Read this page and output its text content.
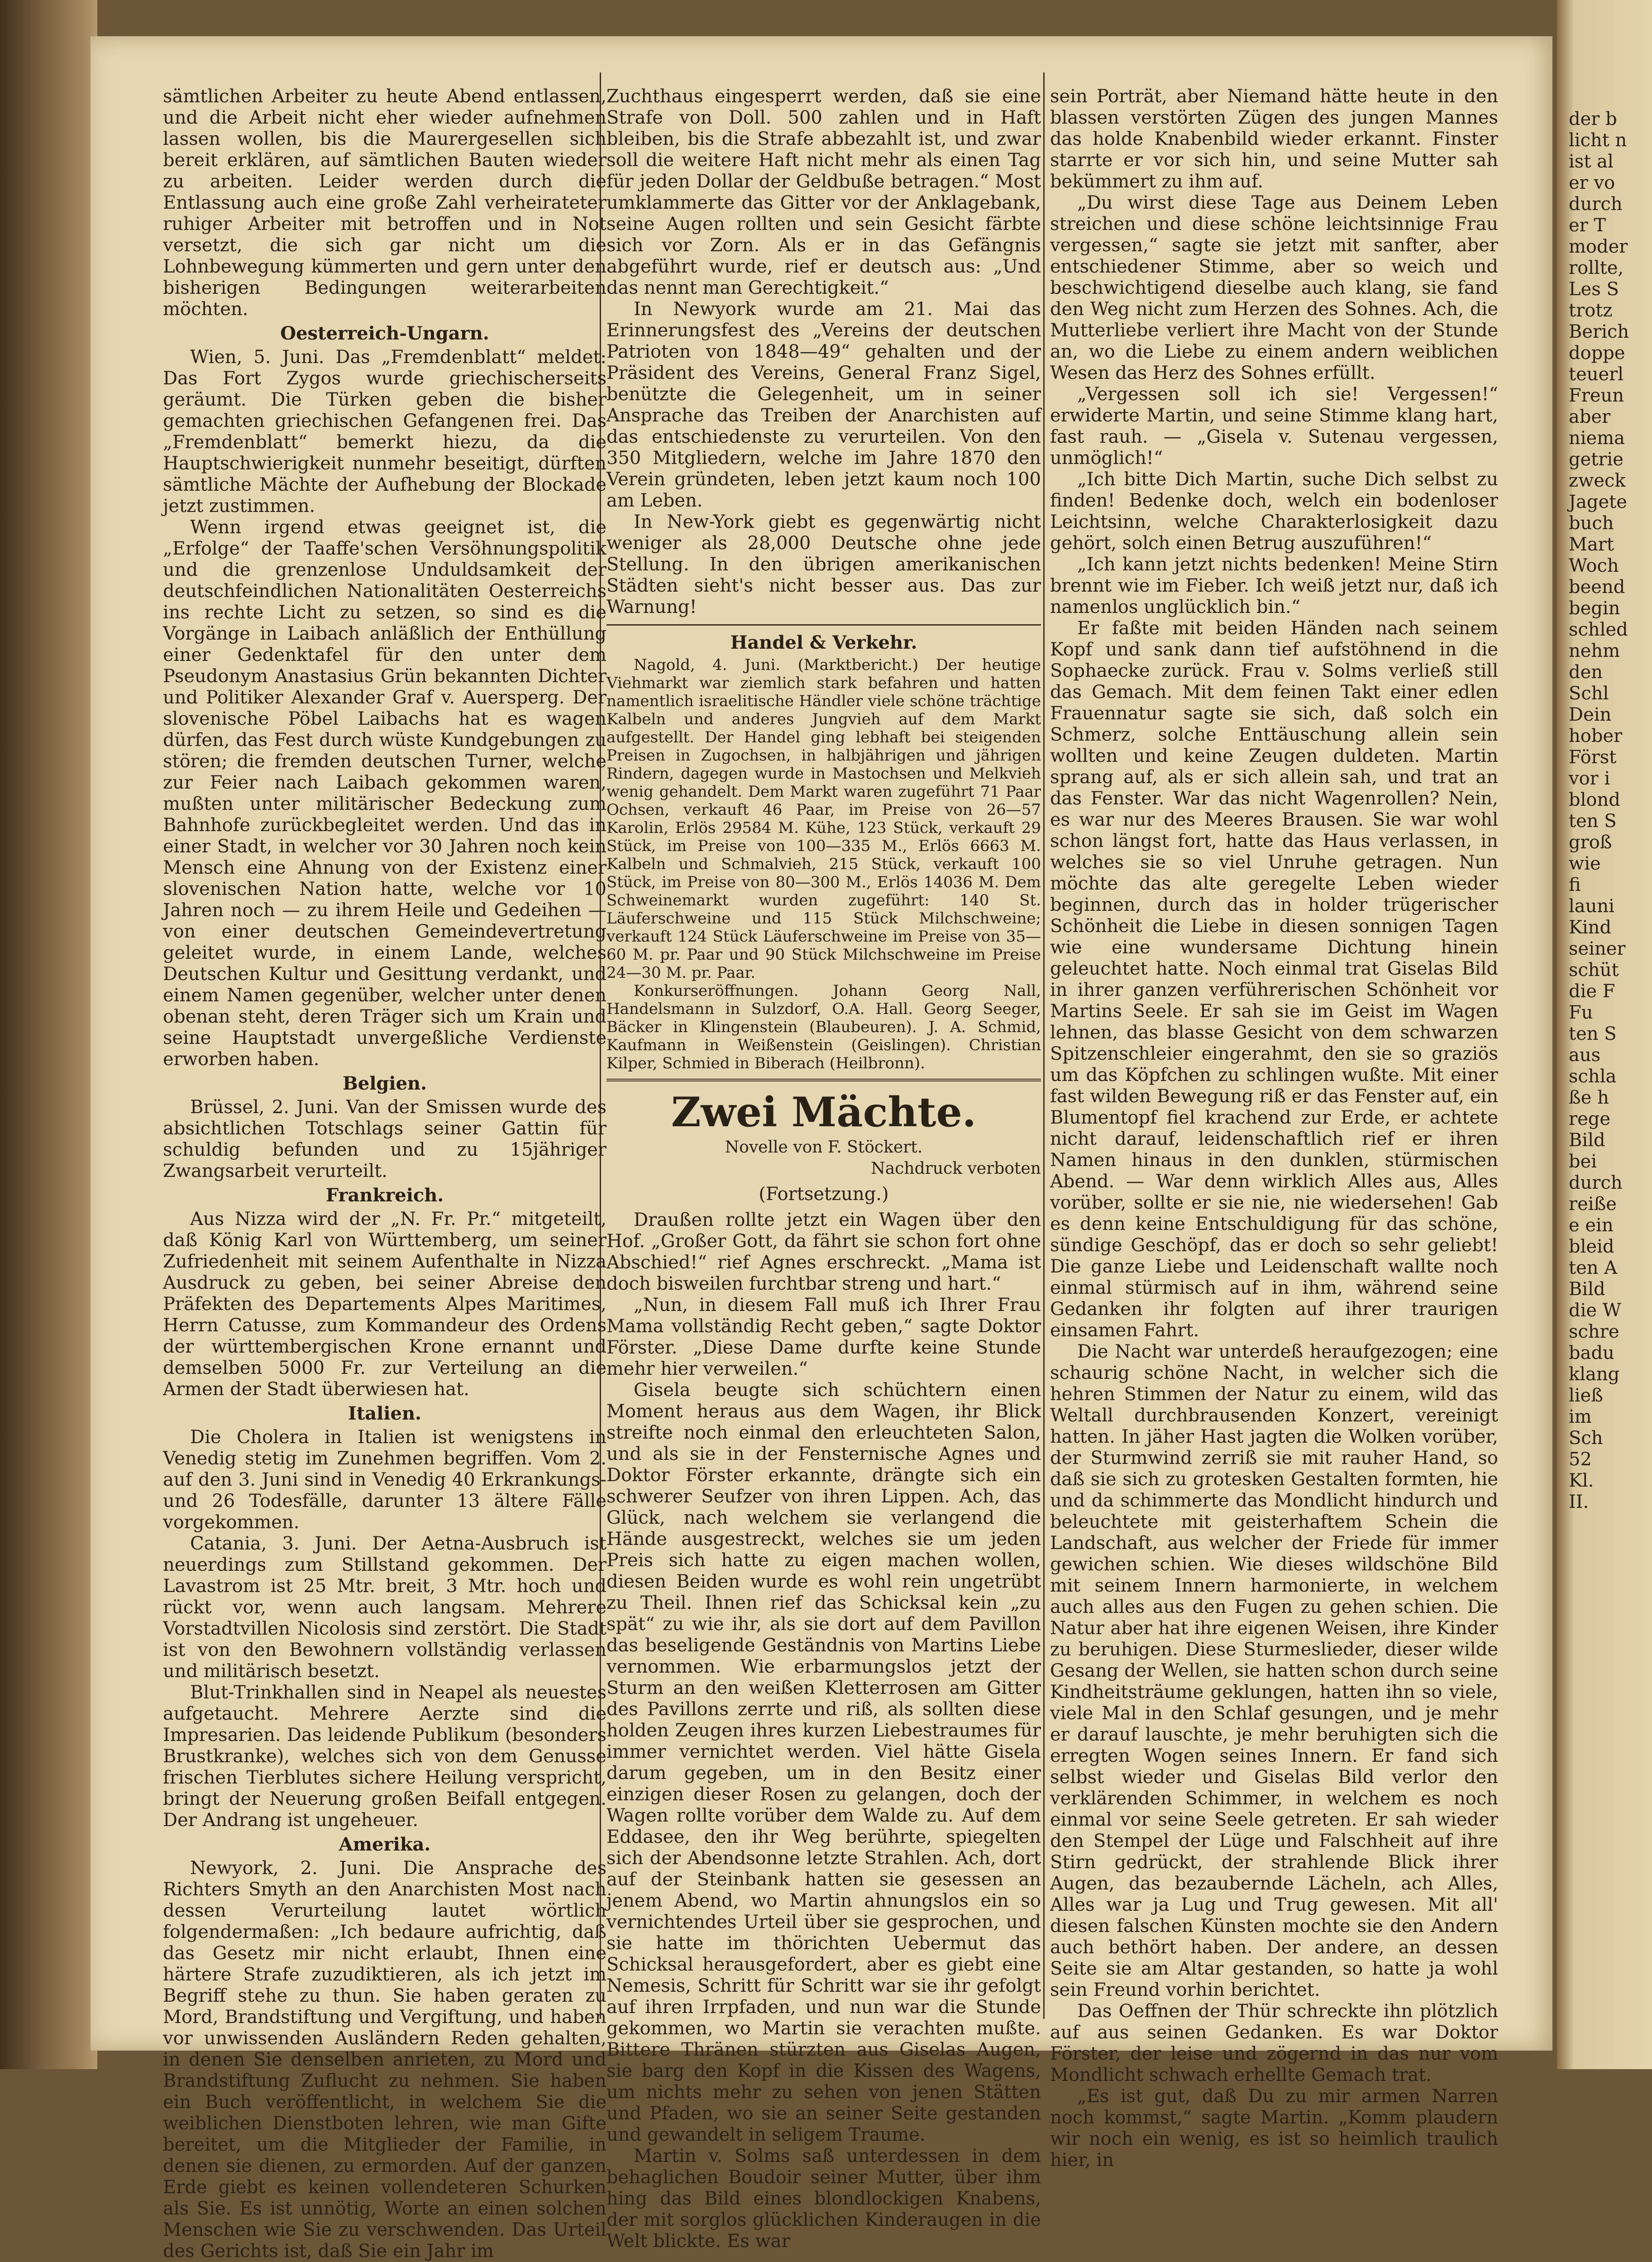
sämtlichen Arbeiter zu heute Abend entlassen, und die Arbeit nicht eher wieder aufnehmen lassen wollen, bis die Maurergesellen sich bereit erklären, auf sämtlichen Bauten wieder zu arbeiten. Leider werden durch die Entlassung auch eine große Zahl verheirateter ruhiger Arbeiter mit betroffen und in Not versetzt, die sich gar nicht um die Lohnbewegung kümmerten und gern unter den bisherigen Bedingungen weiterarbeiten möchten.

Oesterreich-Ungarn.

Wien, 5. Juni. Das „Fremdenblatt“ meldet: Das Fort Zygos wurde griechischerseits geräumt. Die Türken geben die bisher gemachten griechischen Gefangenen frei. Das „Fremdenblatt“ bemerkt hiezu, da die Hauptschwierigkeit nunmehr beseitigt, dürften sämtliche Mächte der Aufhebung der Blockade jetzt zustimmen.

Wenn irgend etwas geeignet ist, die „Erfolge“ der Taaffe'schen Versöhnungspolitik und die grenzenlose Unduldsamkeit der deutschfeindlichen Nationalitäten Oesterreichs ins rechte Licht zu setzen, so sind es die Vorgänge in Laibach anläßlich der Enthüllung einer Gedenktafel für den unter dem Pseudonym Anastasius Grün bekannten Dichter und Politiker Alexander Graf v. Auersperg. Der slovenische Pöbel Laibachs hat es wagen dürfen, das Fest durch wüste Kundgebungen zu stören; die fremden deutschen Turner, welche zur Feier nach Laibach gekommen waren, mußten unter militärischer Bedeckung zum Bahnhofe zurückbegleitet werden. Und das in einer Stadt, in welcher vor 30 Jahren noch kein Mensch eine Ahnung von der Existenz einer slovenischen Nation hatte, welche vor 10 Jahren noch — zu ihrem Heile und Gedeihen — von einer deutschen Gemeindevertretung geleitet wurde, in einem Lande, welches Deutschen Kultur und Gesittung verdankt, und einem Namen gegenüber, welcher unter denen obenan steht, deren Träger sich um Krain und seine Hauptstadt unvergeßliche Verdienste erworben haben.

Belgien.

Brüssel, 2. Juni. Van der Smissen wurde des absichtlichen Totschlags seiner Gattin für schuldig befunden und zu 15jähriger Zwangsarbeit verurteilt.

Frankreich.

Aus Nizza wird der „N. Fr. Pr.“ mitgeteilt, daß König Karl von Württemberg, um seiner Zufriedenheit mit seinem Aufenthalte in Nizza Ausdruck zu geben, bei seiner Abreise den Präfekten des Departements Alpes Maritimes, Herrn Catusse, zum Kommandeur des Ordens der württembergischen Krone ernannt und demselben 5000 Fr. zur Verteilung an die Armen der Stadt überwiesen hat.

Italien.

Die Cholera in Italien ist wenigstens in Venedig stetig im Zunehmen begriffen. Vom 2. auf den 3. Juni sind in Venedig 40 Erkrankungs- und 26 Todesfälle, darunter 13 ältere Fälle vorgekommen.

Catania, 3. Juni. Der Aetna-Ausbruch ist neuerdings zum Stillstand gekommen. Der Lavastrom ist 25 Mtr. breit, 3 Mtr. hoch und rückt vor, wenn auch langsam. Mehrere Vorstadtvillen Nicolosis sind zerstört. Die Stadt ist von den Bewohnern vollständig verlassen und militärisch besetzt.

Blut-Trinkhallen sind in Neapel als neuestes aufgetaucht. Mehrere Aerzte sind die Impresarien. Das leidende Publikum (besonders Brustkranke), welches sich von dem Genusse frischen Tierblutes sichere Heilung verspricht, bringt der Neuerung großen Beifall entgegen. Der Andrang ist ungeheuer.

Amerika.

Newyork, 2. Juni. Die Ansprache des Richters Smyth an den Anarchisten Most nach dessen Verurteilung lautet wörtlich folgendermaßen: „Ich bedaure aufrichtig, daß das Gesetz mir nicht erlaubt, Ihnen eine härtere Strafe zuzudiktieren, als ich jetzt im Begriff stehe zu thun. Sie haben geraten zu Mord, Brandstiftung und Vergiftung, und haben vor unwissenden Ausländern Reden gehalten, in denen Sie denselben anrieten, zu Mord und Brandstiftung Zuflucht zu nehmen. Sie haben ein Buch veröffentlicht, in welchem Sie die weiblichen Dienstboten lehren, wie man Gifte bereitet, um die Mitglieder der Familie, in denen sie dienen, zu ermorden. Auf der ganzen Erde giebt es keinen vollendeteren Schurken als Sie. Es ist unnötig, Worte an einen solchen Menschen wie Sie zu verschwenden. Das Urteil des Gerichts ist, daß Sie ein Jahr im

Zuchthaus eingesperrt werden, daß sie eine Strafe von Doll. 500 zahlen und in Haft bleiben, bis die Strafe abbezahlt ist, und zwar soll die weitere Haft nicht mehr als einen Tag für jeden Dollar der Geldbuße betragen.“ Most umklammerte das Gitter vor der Anklagebank, seine Augen rollten und sein Gesicht färbte sich vor Zorn. Als er in das Gefängnis abgeführt wurde, rief er deutsch aus: „Und das nennt man Gerechtigkeit.“

In Newyork wurde am 21. Mai das Erinnerungsfest des „Vereins der deutschen Patrioten von 1848—49“ gehalten und der Präsident des Vereins, General Franz Sigel, benützte die Gelegenheit, um in seiner Ansprache das Treiben der Anarchisten auf das entschiedenste zu verurteilen. Von den 350 Mitgliedern, welche im Jahre 1870 den Verein gründeten, leben jetzt kaum noch 100 am Leben.

In New-York giebt es gegenwärtig nicht weniger als 28,000 Deutsche ohne jede Stellung. In den übrigen amerikanischen Städten sieht's nicht besser aus. Das zur Warnung!

Handel & Verkehr.

Nagold, 4. Juni. (Marktbericht.) Der heutige Viehmarkt war ziemlich stark befahren und hatten namentlich israelitische Händler viele schöne trächtige Kalbeln und anderes Jungvieh auf dem Markt aufgestellt. Der Handel ging lebhaft bei steigenden Preisen in Zugochsen, in halbjährigen und jährigen Rindern, dagegen wurde in Mastochsen und Melkvieh wenig gehandelt. Dem Markt waren zugeführt 71 Paar Ochsen, verkauft 46 Paar, im Preise von 26—57 Karolin, Erlös 29584 M. Kühe, 123 Stück, verkauft 29 Stück, im Preise von 100—335 M., Erlös 6663 M. Kalbeln und Schmalvieh, 215 Stück, verkauft 100 Stück, im Preise von 80—300 M., Erlös 14036 M. Dem Schweinemarkt wurden zugeführt: 140 St. Läuferschweine und 115 Stück Milchschweine; verkauft 124 Stück Läuferschweine im Preise von 35—60 M. pr. Paar und 90 Stück Milchschweine im Preise 24—30 M. pr. Paar.

Konkurseröffnungen. Johann Georg Nall, Handelsmann in Sulzdorf, O.A. Hall. Georg Seeger, Bäcker in Klingenstein (Blaubeuren). J. A. Schmid, Kaufmann in Weißenstein (Geislingen). Christian Kilper, Schmied in Biberach (Heilbronn).

Zwei Mächte.
Novelle von F. Stöckert.
Nachdruck verboten
(Fortsetzung.)

Draußen rollte jetzt ein Wagen über den Hof. „Großer Gott, da fährt sie schon fort ohne Abschied!“ rief Agnes erschreckt. „Mama ist doch bisweilen furchtbar streng und hart.“

„Nun, in diesem Fall muß ich Ihrer Frau Mama vollständig Recht geben,“ sagte Doktor Förster. „Diese Dame durfte keine Stunde mehr hier verweilen.“

Gisela beugte sich schüchtern einen Moment heraus aus dem Wagen, ihr Blick streifte noch einmal den erleuchteten Salon, und als sie in der Fensternische Agnes und Doktor Förster erkannte, drängte sich ein schwerer Seufzer von ihren Lippen. Ach, das Glück, nach welchem sie verlangend die Hände ausgestreckt, welches sie um jeden Preis sich hatte zu eigen machen wollen, diesen Beiden wurde es wohl rein ungetrübt zu Theil. Ihnen rief das Schicksal kein „zu spät“ zu wie ihr, als sie dort auf dem Pavillon das beseligende Geständnis von Martins Liebe vernommen. Wie erbarmungslos jetzt der Sturm an den weißen Kletterrosen am Gitter des Pavillons zerrte und riß, als sollten diese holden Zeugen ihres kurzen Liebestraumes für immer vernichtet werden. Viel hätte Gisela darum gegeben, um in den Besitz einer einzigen dieser Rosen zu gelangen, doch der Wagen rollte vorüber dem Walde zu. Auf dem Eddasee, den ihr Weg berührte, spiegelten sich der Abendsonne letzte Strahlen. Ach, dort auf der Steinbank hatten sie gesessen an jenem Abend, wo Martin ahnungslos ein so vernichtendes Urteil über sie gesprochen, und sie hatte im thörichten Uebermut das Schicksal herausgefordert, aber es giebt eine Nemesis, Schritt für Schritt war sie ihr gefolgt auf ihren Irrpfaden, und nun war die Stunde gekommen, wo Martin sie verachten mußte. Bittere Thränen stürzten aus Giselas Augen, sie barg den Kopf in die Kissen des Wagens, um nichts mehr zu sehen von jenen Stätten und Pfaden, wo sie an seiner Seite gestanden und gewandelt in seligem Traume.

Martin v. Solms saß unterdessen in dem behaglichen Boudoir seiner Mutter, über ihm hing das Bild eines blondlockigen Knabens, der mit sorglos glücklichen Kinderaugen in die Welt blickte. Es war

sein Porträt, aber Niemand hätte heute in den blassen verstörten Zügen des jungen Mannes das holde Knabenbild wieder erkannt. Finster starrte er vor sich hin, und seine Mutter sah bekümmert zu ihm auf.

„Du wirst diese Tage aus Deinem Leben streichen und diese schöne leichtsinnige Frau vergessen,“ sagte sie jetzt mit sanfter, aber entschiedener Stimme, aber so weich und beschwichtigend dieselbe auch klang, sie fand den Weg nicht zum Herzen des Sohnes. Ach, die Mutterliebe verliert ihre Macht von der Stunde an, wo die Liebe zu einem andern weiblichen Wesen das Herz des Sohnes erfüllt.

„Vergessen soll ich sie! Vergessen!“ erwiderte Martin, und seine Stimme klang hart, fast rauh. — „Gisela v. Sutenau vergessen, unmöglich!“

„Ich bitte Dich Martin, suche Dich selbst zu finden! Bedenke doch, welch ein bodenloser Leichtsinn, welche Charakterlosigkeit dazu gehört, solch einen Betrug auszuführen!“

„Ich kann jetzt nichts bedenken! Meine Stirn brennt wie im Fieber. Ich weiß jetzt nur, daß ich namenlos unglücklich bin.“

Er faßte mit beiden Händen nach seinem Kopf und sank dann tief aufstöhnend in die Sophaecke zurück. Frau v. Solms verließ still das Gemach. Mit dem feinen Takt einer edlen Frauennatur sagte sie sich, daß solch ein Schmerz, solche Enttäuschung allein sein wollten und keine Zeugen duldeten. Martin sprang auf, als er sich allein sah, und trat an das Fenster. War das nicht Wagenrollen? Nein, es war nur des Meeres Brausen. Sie war wohl schon längst fort, hatte das Haus verlassen, in welches sie so viel Unruhe getragen. Nun möchte das alte geregelte Leben wieder beginnen, durch das in holder trügerischer Schönheit die Liebe in diesen sonnigen Tagen wie eine wundersame Dichtung hinein geleuchtet hatte. Noch einmal trat Giselas Bild in ihrer ganzen verführerischen Schönheit vor Martins Seele. Er sah sie im Geist im Wagen lehnen, das blasse Gesicht von dem schwarzen Spitzenschleier eingerahmt, den sie so graziös um das Köpfchen zu schlingen wußte. Mit einer fast wilden Bewegung riß er das Fenster auf, ein Blumentopf fiel krachend zur Erde, er achtete nicht darauf, leidenschaftlich rief er ihren Namen hinaus in den dunklen, stürmischen Abend. — War denn wirklich Alles aus, Alles vorüber, sollte er sie nie, nie wiedersehen! Gab es denn keine Entschuldigung für das schöne, sündige Geschöpf, das er doch so sehr geliebt! Die ganze Liebe und Leidenschaft wallte noch einmal stürmisch auf in ihm, während seine Gedanken ihr folgten auf ihrer traurigen einsamen Fahrt.

Die Nacht war unterdeß heraufgezogen; eine schaurig schöne Nacht, in welcher sich die hehren Stimmen der Natur zu einem, wild das Weltall durchbrausenden Konzert, vereinigt hatten. In jäher Hast jagten die Wolken vorüber, der Sturmwind zerriß sie mit rauher Hand, so daß sie sich zu grotesken Gestalten formten, hie und da schimmerte das Mondlicht hindurch und beleuchtete mit geisterhaftem Schein die Landschaft, aus welcher der Friede für immer gewichen schien. Wie dieses wildschöne Bild mit seinem Innern harmonierte, in welchem auch alles aus den Fugen zu gehen schien. Die Natur aber hat ihre eigenen Weisen, ihre Kinder zu beruhigen. Diese Sturmeslieder, dieser wilde Gesang der Wellen, sie hatten schon durch seine Kindheitsträume geklungen, hatten ihn so viele, viele Mal in den Schlaf gesungen, und je mehr er darauf lauschte, je mehr beruhigten sich die erregten Wogen seines Innern. Er fand sich selbst wieder und Giselas Bild verlor den verklärenden Schimmer, in welchem es noch einmal vor seine Seele getreten. Er sah wieder den Stempel der Lüge und Falschheit auf ihre Stirn gedrückt, der strahlende Blick ihrer Augen, das bezaubernde Lächeln, ach Alles, Alles war ja Lug und Trug gewesen. Mit all' diesen falschen Künsten mochte sie den Andern auch bethört haben. Der andere, an dessen Seite sie am Altar gestanden, so hatte ja wohl sein Freund vorhin berichtet.

Das Oeffnen der Thür schreckte ihn plötzlich auf aus seinen Gedanken. Es war Doktor Förster, der leise und zögernd in das nur vom Mondlicht schwach erhellte Gemach trat.

„Es ist gut, daß Du zu mir armen Narren noch kommst,“ sagte Martin. „Komm plaudern wir noch ein wenig, es ist so heimlich traulich hier, in

der b
licht n
ist al
er vo
durch
er T
moder
rollte,
Les S
trotz
Berich
doppe
teuerl
Freun
aber
niema
getrie
zweck
Jagete
buch
Mart
Woch
beend
begin
schled
nehm
den
Schl
Dein
hober
Först
vor i
blond
ten S
groß
wie
fi
launi
Kind
seiner
schüt
die F
Fu
ten S
aus
schla
ße h
rege
Bild
bei
durch
reiße
e ein
bleid
ten A
Bild
die W
schre
badu
klang
ließ
im
Sch
52
Kl.
II.
